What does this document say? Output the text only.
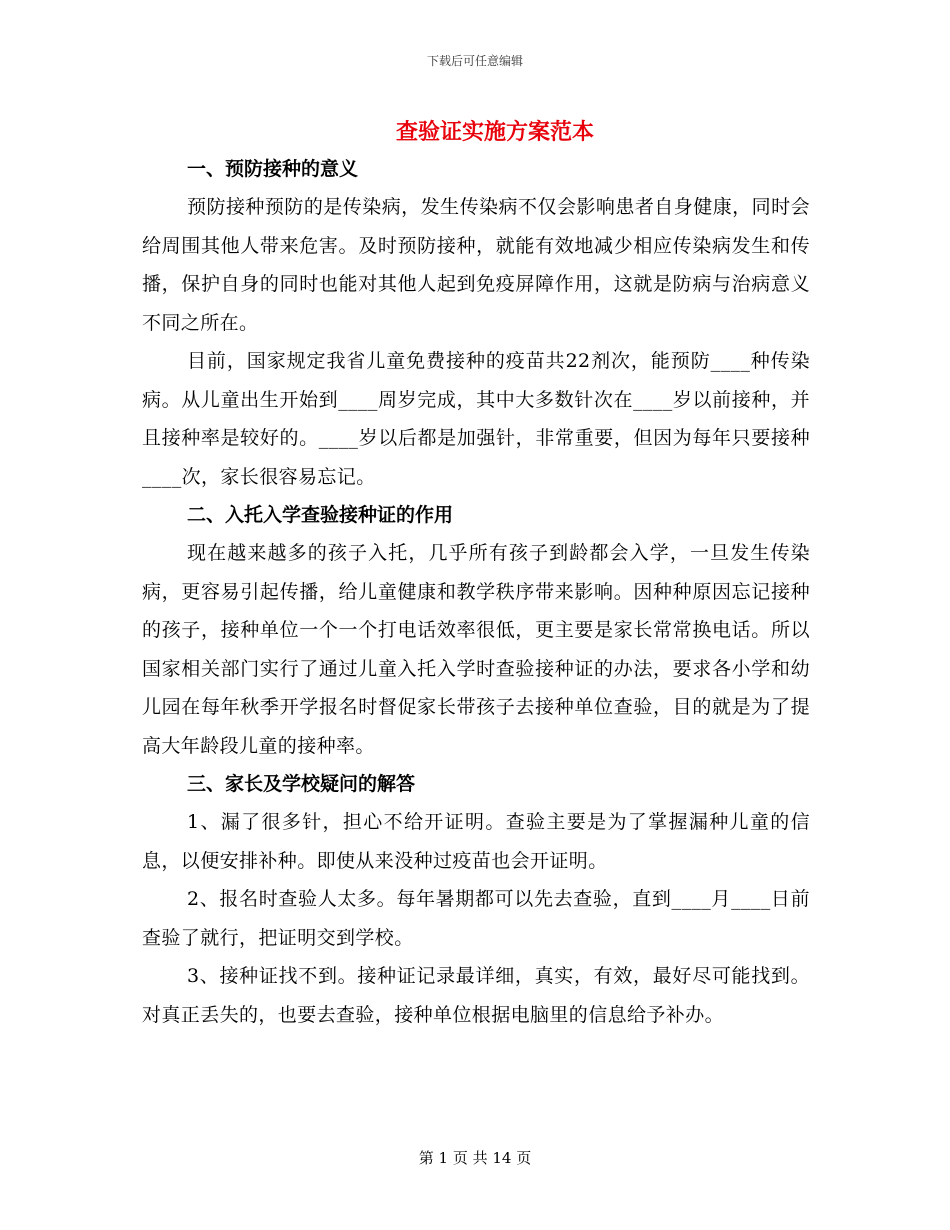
下载后可任意编辑
查验证实施方案范本
一、预防接种的意义

预防接种预防的是传染病，发生传染病不仅会影响患者自身健康，同时会给周围其他人带来危害。及时预防接种，就能有效地减少相应传染病发生和传播，保护自身的同时也能对其他人起到免疫屏障作用，这就是防病与治病意义不同之所在。

目前，国家规定我省儿童免费接种的疫苗共22剂次，能预防____种传染病。从儿童出生开始到____周岁完成，其中大多数针次在____岁以前接种，并且接种率是较好的。____岁以后都是加强针，非常重要，但因为每年只要接种____次，家长很容易忘记。

二、入托入学查验接种证的作用

现在越来越多的孩子入托，几乎所有孩子到龄都会入学，一旦发生传染病，更容易引起传播，给儿童健康和教学秩序带来影响。因种种原因忘记接种的孩子，接种单位一个一个打电话效率很低，更主要是家长常常换电话。所以国家相关部门实行了通过儿童入托入学时查验接种证的办法，要求各小学和幼儿园在每年秋季开学报名时督促家长带孩子去接种单位查验，目的就是为了提高大年龄段儿童的接种率。

三、家长及学校疑问的解答

1、漏了很多针，担心不给开证明。查验主要是为了掌握漏种儿童的信息，以便安排补种。即使从来没种过疫苗也会开证明。

2、报名时查验人太多。每年暑期都可以先去查验，直到____月____日前查验了就行，把证明交到学校。

3、接种证找不到。接种证记录最详细，真实，有效，最好尽可能找到。对真正丢失的，也要去查验，接种单位根据电脑里的信息给予补办。

第 1 页 共 14 页
